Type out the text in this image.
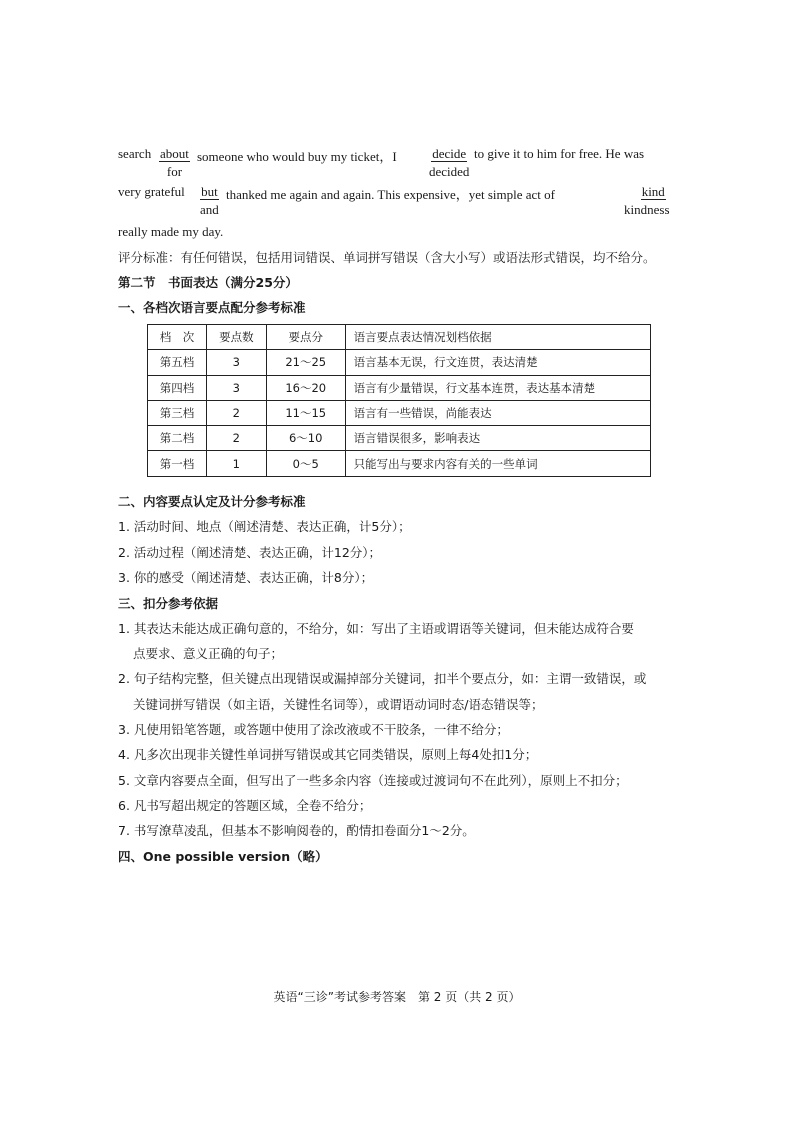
search about
for
someone who would buy my ticket，I	decide
decided
to give it to him for free. He was
very grateful but
and
thanked me again and again. This expensive，yet simple act of	kind
kindness
really made my day.
评分标准：有任何错误，包括用词错误、单词拼写错误（含大小写）或语法形式错误，均不给分。
第二节　书面表达（满分25分）
一、各档次语言要点配分参考标准
档　次	要点数	要点分	语言要点表达情况划档依据
第五档	3	21～25	语言基本无误，行文连贯，表达清楚
第四档	3	16～20	语言有少量错误，行文基本连贯，表达基本清楚
第三档	2	11～15	语言有一些错误，尚能表达
第二档	2	6～10	语言错误很多，影响表达
第一档	1	0～5	只能写出与要求内容有关的一些单词
二、内容要点认定及计分参考标准
1. 活动时间、地点（阐述清楚、表达正确，计5分）；
2. 活动过程（阐述清楚、表达正确，计12分）；
3. 你的感受（阐述清楚、表达正确，计8分）；
三、扣分参考依据
1. 其表达未能达成正确句意的，不给分，如：写出了主语或谓语等关键词，但未能达成符合要
点要求、意义正确的句子；
2. 句子结构完整，但关键点出现错误或漏掉部分关键词，扣半个要点分，如：主谓一致错误，或
关键词拼写错误（如主语，关键性名词等），或谓语动词时态/语态错误等；
3. 凡使用铅笔答题，或答题中使用了涂改液或不干胶条，一律不给分；
4. 凡多次出现非关键性单词拼写错误或其它同类错误，原则上每4处扣1分；
5. 文章内容要点全面，但写出了一些多余内容（连接或过渡词句不在此列），原则上不扣分；
6. 凡书写超出规定的答题区域，全卷不给分；
7. 书写潦草凌乱，但基本不影响阅卷的，酌情扣卷面分1～2分。
四、One possible version（略）
英语“三诊”考试参考答案　第 2 页（共 2 页）
